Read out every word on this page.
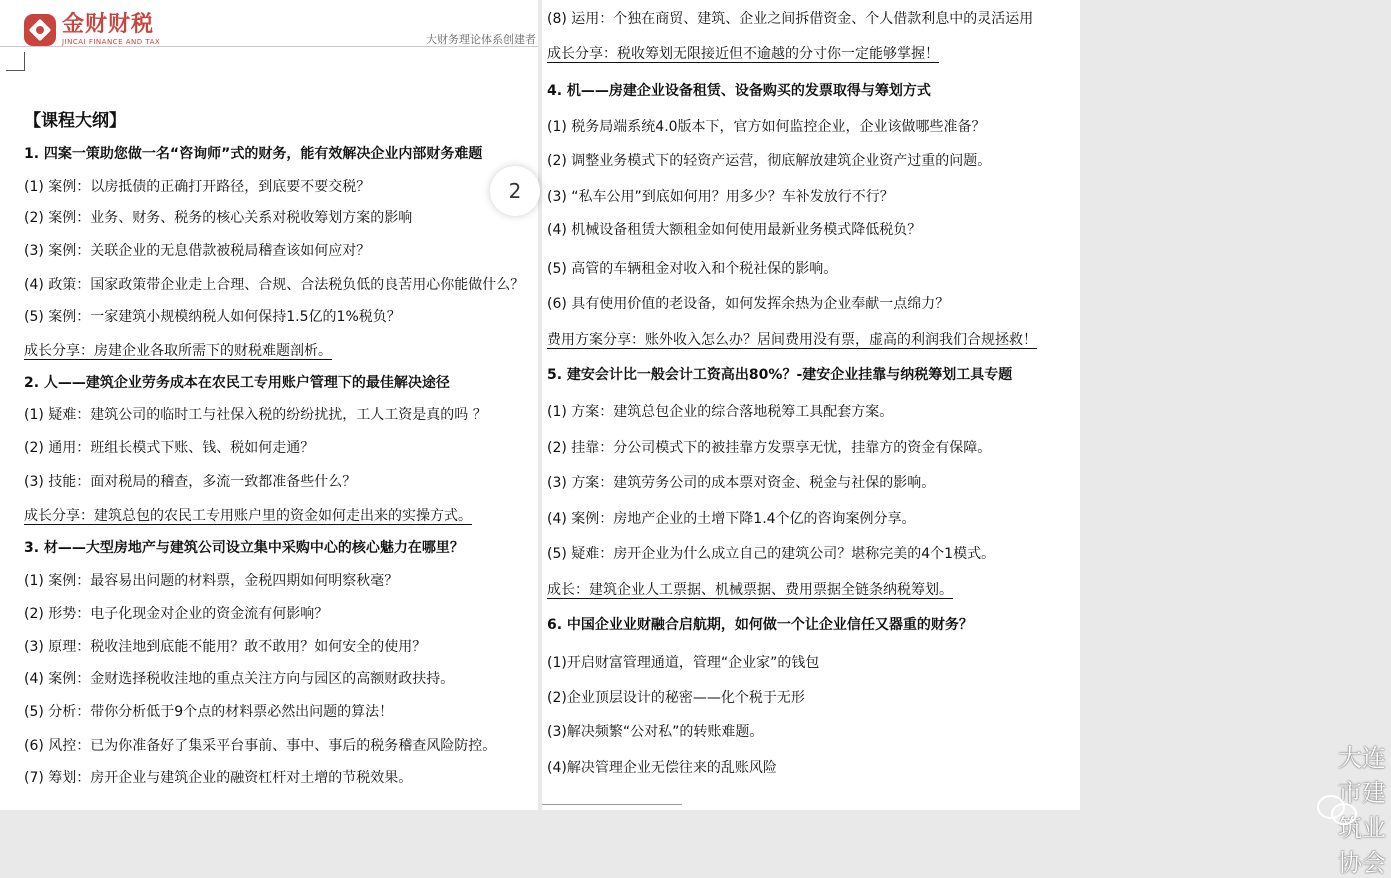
金财财税
JINCAI FINANCE AND TAX	大财务理论体系创建者
【课程大纲】
1. 四案一策助您做一名“咨询师”式的财务，能有效解决企业内部财务难题
(1) 案例：以房抵债的正确打开路径，到底要不要交税？
(2) 案例：业务、财务、税务的核心关系对税收筹划方案的影响
(3) 案例：关联企业的无息借款被税局稽查该如何应对？
(4) 政策：国家政策带企业走上合理、合规、合法税负低的良苦用心你能做什么？
(5) 案例：一家建筑小规模纳税人如何保持1.5亿的1%税负？
成长分享：房建企业各取所需下的财税难题剖析。
2. 人——建筑企业劳务成本在农民工专用账户管理下的最佳解决途径
(1) 疑难：建筑公司的临时工与社保入税的纷纷扰扰，工人工资是真的吗 ？
(2) 通用：班组长模式下账、钱、税如何走通？
(3) 技能：面对税局的稽查，多流一致都准备些什么？
成长分享：建筑总包的农民工专用账户里的资金如何走出来的实操方式。
3. 材——大型房地产与建筑公司设立集中采购中心的核心魅力在哪里？
(1) 案例：最容易出问题的材料票，金税四期如何明察秋毫？
(2) 形势：电子化现金对企业的资金流有何影响？
(3) 原理：税收洼地到底能不能用？敢不敢用？如何安全的使用？
(4) 案例：金财选择税收洼地的重点关注方向与园区的高额财政扶持。
(5) 分析：带你分析低于9个点的材料票必然出问题的算法！
(6) 风控：已为你准备好了集采平台事前、事中、事后的税务稽查风险防控。
(7) 筹划：房开企业与建筑企业的融资杠杆对土增的节税效果。
(8) 运用：个独在商贸、建筑、企业之间拆借资金、个人借款利息中的灵活运用
成长分享：税收筹划无限接近但不逾越的分寸你一定能够掌握！
4. 机——房建企业设备租赁、设备购买的发票取得与筹划方式
(1) 税务局端系统4.0版本下，官方如何监控企业，企业该做哪些准备？
(2) 调整业务模式下的轻资产运营，彻底解放建筑企业资产过重的问题。
(3) “私车公用”到底如何用？用多少？车补发放行不行？
(4) 机械设备租赁大额租金如何使用最新业务模式降低税负？
(5) 高管的车辆租金对收入和个税社保的影响。
(6) 具有使用价值的老设备，如何发挥余热为企业奉献一点绵力？
费用方案分享：账外收入怎么办？居间费用没有票，虚高的利润我们合规拯救！
5. 建安会计比一般会计工资高出80%？-建安企业挂靠与纳税筹划工具专题
(1) 方案：建筑总包企业的综合落地税筹工具配套方案。
(2) 挂靠：分公司模式下的被挂靠方发票享无忧，挂靠方的资金有保障。
(3) 方案：建筑劳务公司的成本票对资金、税金与社保的影响。
(4) 案例：房地产企业的土增下降1.4个亿的咨询案例分享。
(5) 疑难：房开企业为什么成立自己的建筑公司？堪称完美的4个1模式。
成长：建筑企业人工票据、机械票据、费用票据全链条纳税筹划。
6. 中国企业业财融合启航期，如何做一个让企业信任又器重的财务？
(1)开启财富管理通道，管理“企业家”的钱包
(2)企业顶层设计的秘密——化个税于无形
(3)解决频繁“公对私”的转账难题。
(4)解决管理企业无偿往来的乱账风险	大连市建筑业协会
2
